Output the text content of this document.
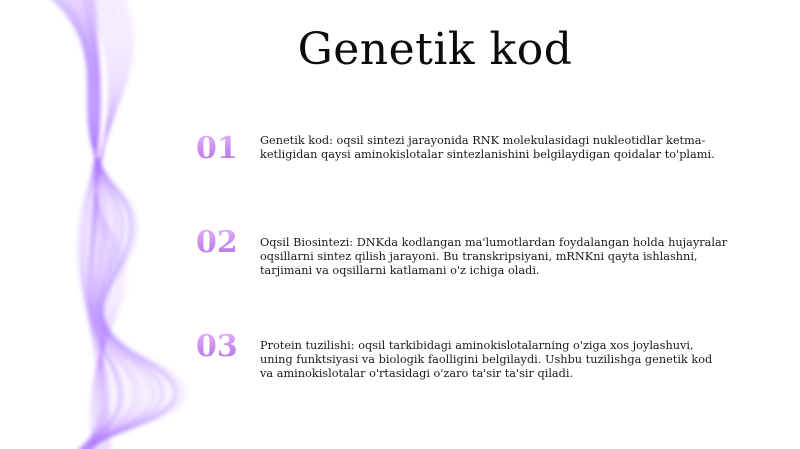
Genetik kod
01	Genetik kod: oqsil sintezi jarayonida RNK molekulasidagi nukleotidlar ketma-ketligidan qaysi aminokislotalar sintezlanishini belgilaydigan qoidalar to'plami.
02	Oqsil Biosintezi: DNKda kodlangan ma'lumotlardan foydalangan holda hujayralar oqsillarni sintez qilish jarayoni. Bu transkripsiyani, mRNKni qayta ishlashni, tarjimani va oqsillarni katlamani o'z ichiga oladi.
03	Protein tuzilishi: oqsil tarkibidagi aminokislotalarning o'ziga xos joylashuvi, uning funktsiyasi va biologik faolligini belgilaydi. Ushbu tuzilishga genetik kod va aminokislotalar o'rtasidagi o'zaro ta'sir ta'sir qiladi.
